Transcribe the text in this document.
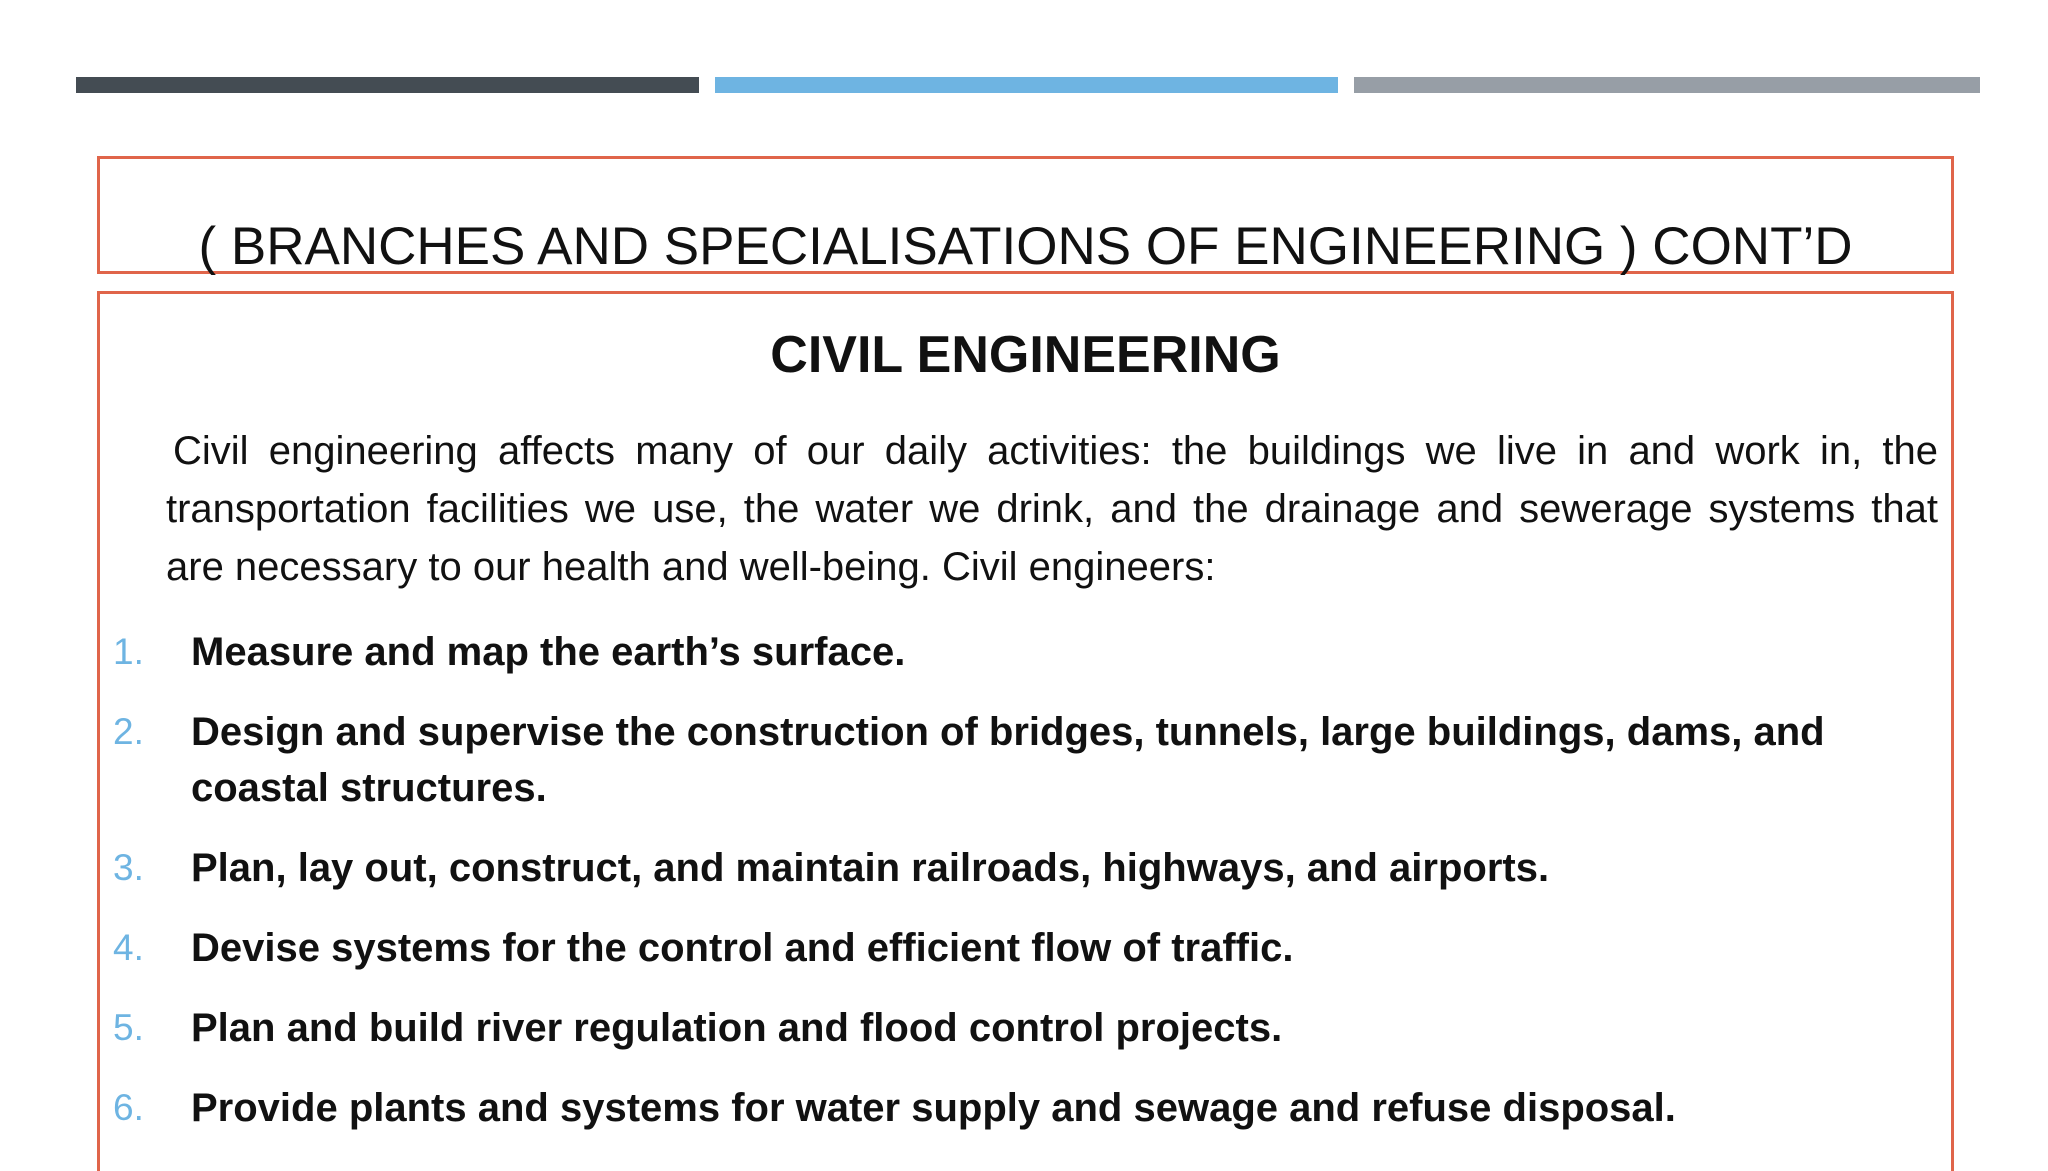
( BRANCHES AND SPECIALISATIONS OF ENGINEERING ) CONT’D
CIVIL ENGINEERING
Civil engineering affects many of our daily activities: the buildings we live in and work in, the transportation facilities we use, the water we drink, and the drainage and sewerage systems that are necessary to our health and well-being. Civil engineers:
1.	Measure and map the earth’s surface.
2.	Design and supervise the construction of bridges, tunnels, large buildings, dams, and coastal structures.
3.	Plan, lay out, construct, and maintain railroads, highways, and airports.
4.	Devise systems for the control and efficient flow of traffic.
5.	Plan and build river regulation and flood control projects.
6.	Provide plants and systems for water supply and sewage and refuse disposal.
